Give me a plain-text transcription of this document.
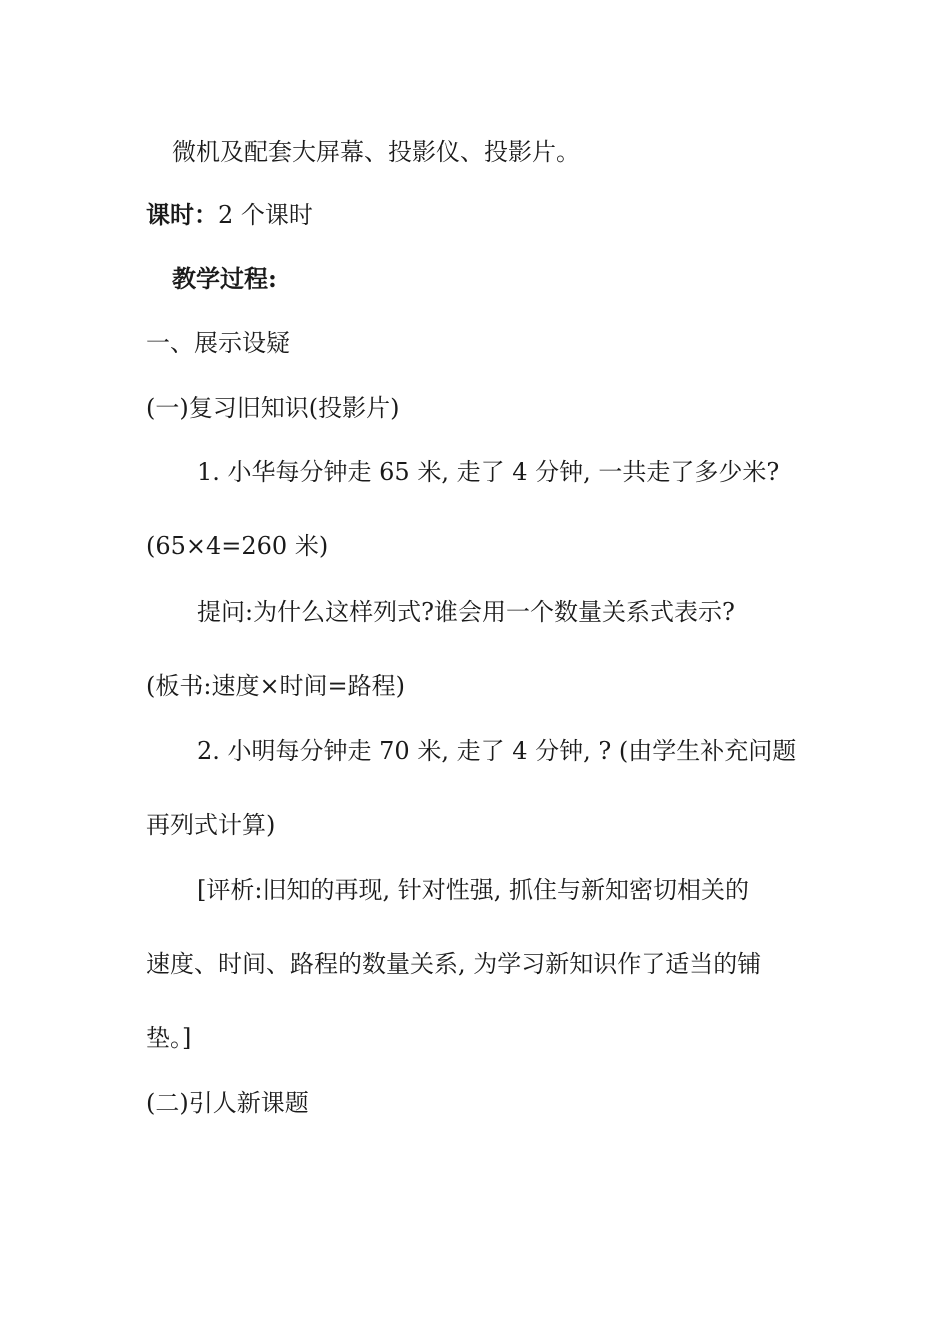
微机及配套大屏幕、投影仪、投影片。
课时：2 个课时
教学过程:
一、展示设疑
(一)复习旧知识(投影片)
1. 小华每分钟走 65 米, 走了 4 分钟, 一共走了多少米?
(65×4=260 米)
提问:为什么这样列式?谁会用一个数量关系式表示?
(板书:速度×时间=路程)
2. 小明每分钟走 70 米, 走了 4 分钟, ? (由学生补充问题
再列式计算)
[评析:旧知的再现, 针对性强, 抓住与新知密切相关的
速度、时间、路程的数量关系, 为学习新知识作了适当的铺
垫。]
(二)引人新课题
